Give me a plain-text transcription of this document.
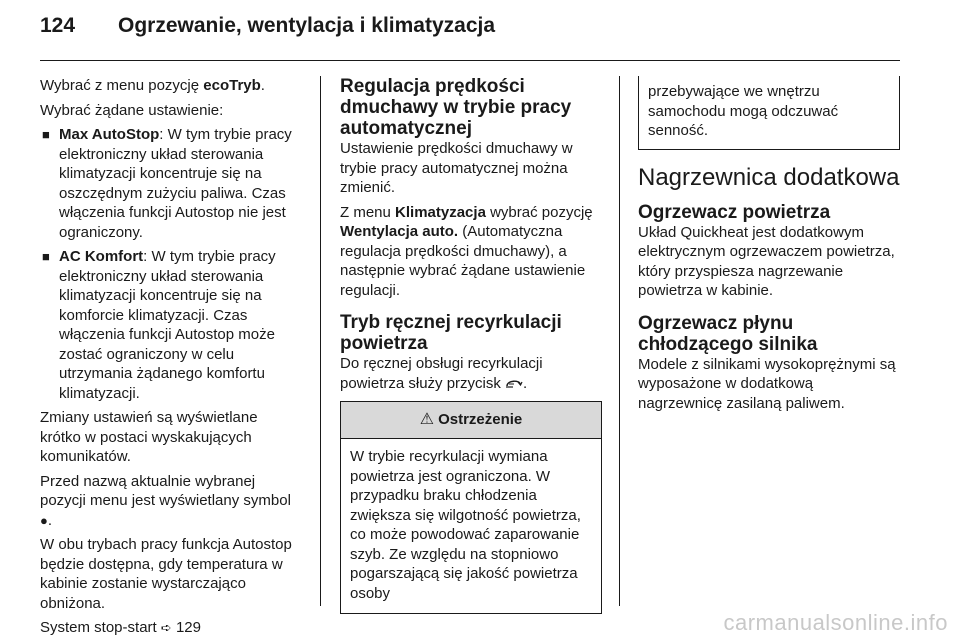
124 Ogrzewanie, wentylacja i klimatyzacja

Wybrać z menu pozycję ecoTryb.

Wybrać żądane ustawienie:

■ Max AutoStop: W tym trybie pracy elektroniczny układ sterowania klimatyzacji koncentruje się na oszczędnym zużyciu paliwa. Czas włączenia funkcji Autostop nie jest ograniczony.
■ AC Komfort: W tym trybie pracy elektroniczny układ sterowania klimatyzacji koncentruje się na komforcie klimatyzacji. Czas włączenia funkcji Autostop może zostać ograniczony w celu utrzymania żądanego komfortu klimatyzacji.

Zmiany ustawień są wyświetlane krótko w postaci wyskakujących komunikatów.

Przed nazwą aktualnie wybranej pozycji menu jest wyświetlany symbol ●.

W obu trybach pracy funkcja Autostop będzie dostępna, gdy temperatura w kabinie zostanie wystarczająco obniżona.

System stop-start ➪ 129

Regulacja prędkości dmuchawy w trybie pracy automatycznej

Ustawienie prędkości dmuchawy w trybie pracy automatycznej można zmienić.

Z menu Klimatyzacja wybrać pozycję Wentylacja auto. (Automatyczna regulacja prędkości dmuchawy), a następnie wybrać żądane ustawienie regulacji.

Tryb ręcznej recyrkulacji powietrza

Do ręcznej obsługi recyrkulacji powietrza służy przycisk .

⚠ Ostrzeżenie
W trybie recyrkulacji wymiana powietrza jest ograniczona. W przypadku braku chłodzenia zwiększa się wilgotność powietrza, co może powodować zaparowanie szyb. Ze względu na stopniowo pogarszającą się jakość powietrza osoby
przebywające we wnętrzu samochodu mogą odczuwać senność.
Nagrzewnica dodatkowa
Ogrzewacz powietrza

Układ Quickheat jest dodatkowym elektrycznym ogrzewaczem powietrza, który przyspiesza nagrzewanie powietrza w kabinie.

Ogrzewacz płynu chłodzącego silnika

Modele z silnikami wysokoprężnymi są wyposażone w dodatkową nagrzewnicę zasilaną paliwem.

carmanualsonline.info
